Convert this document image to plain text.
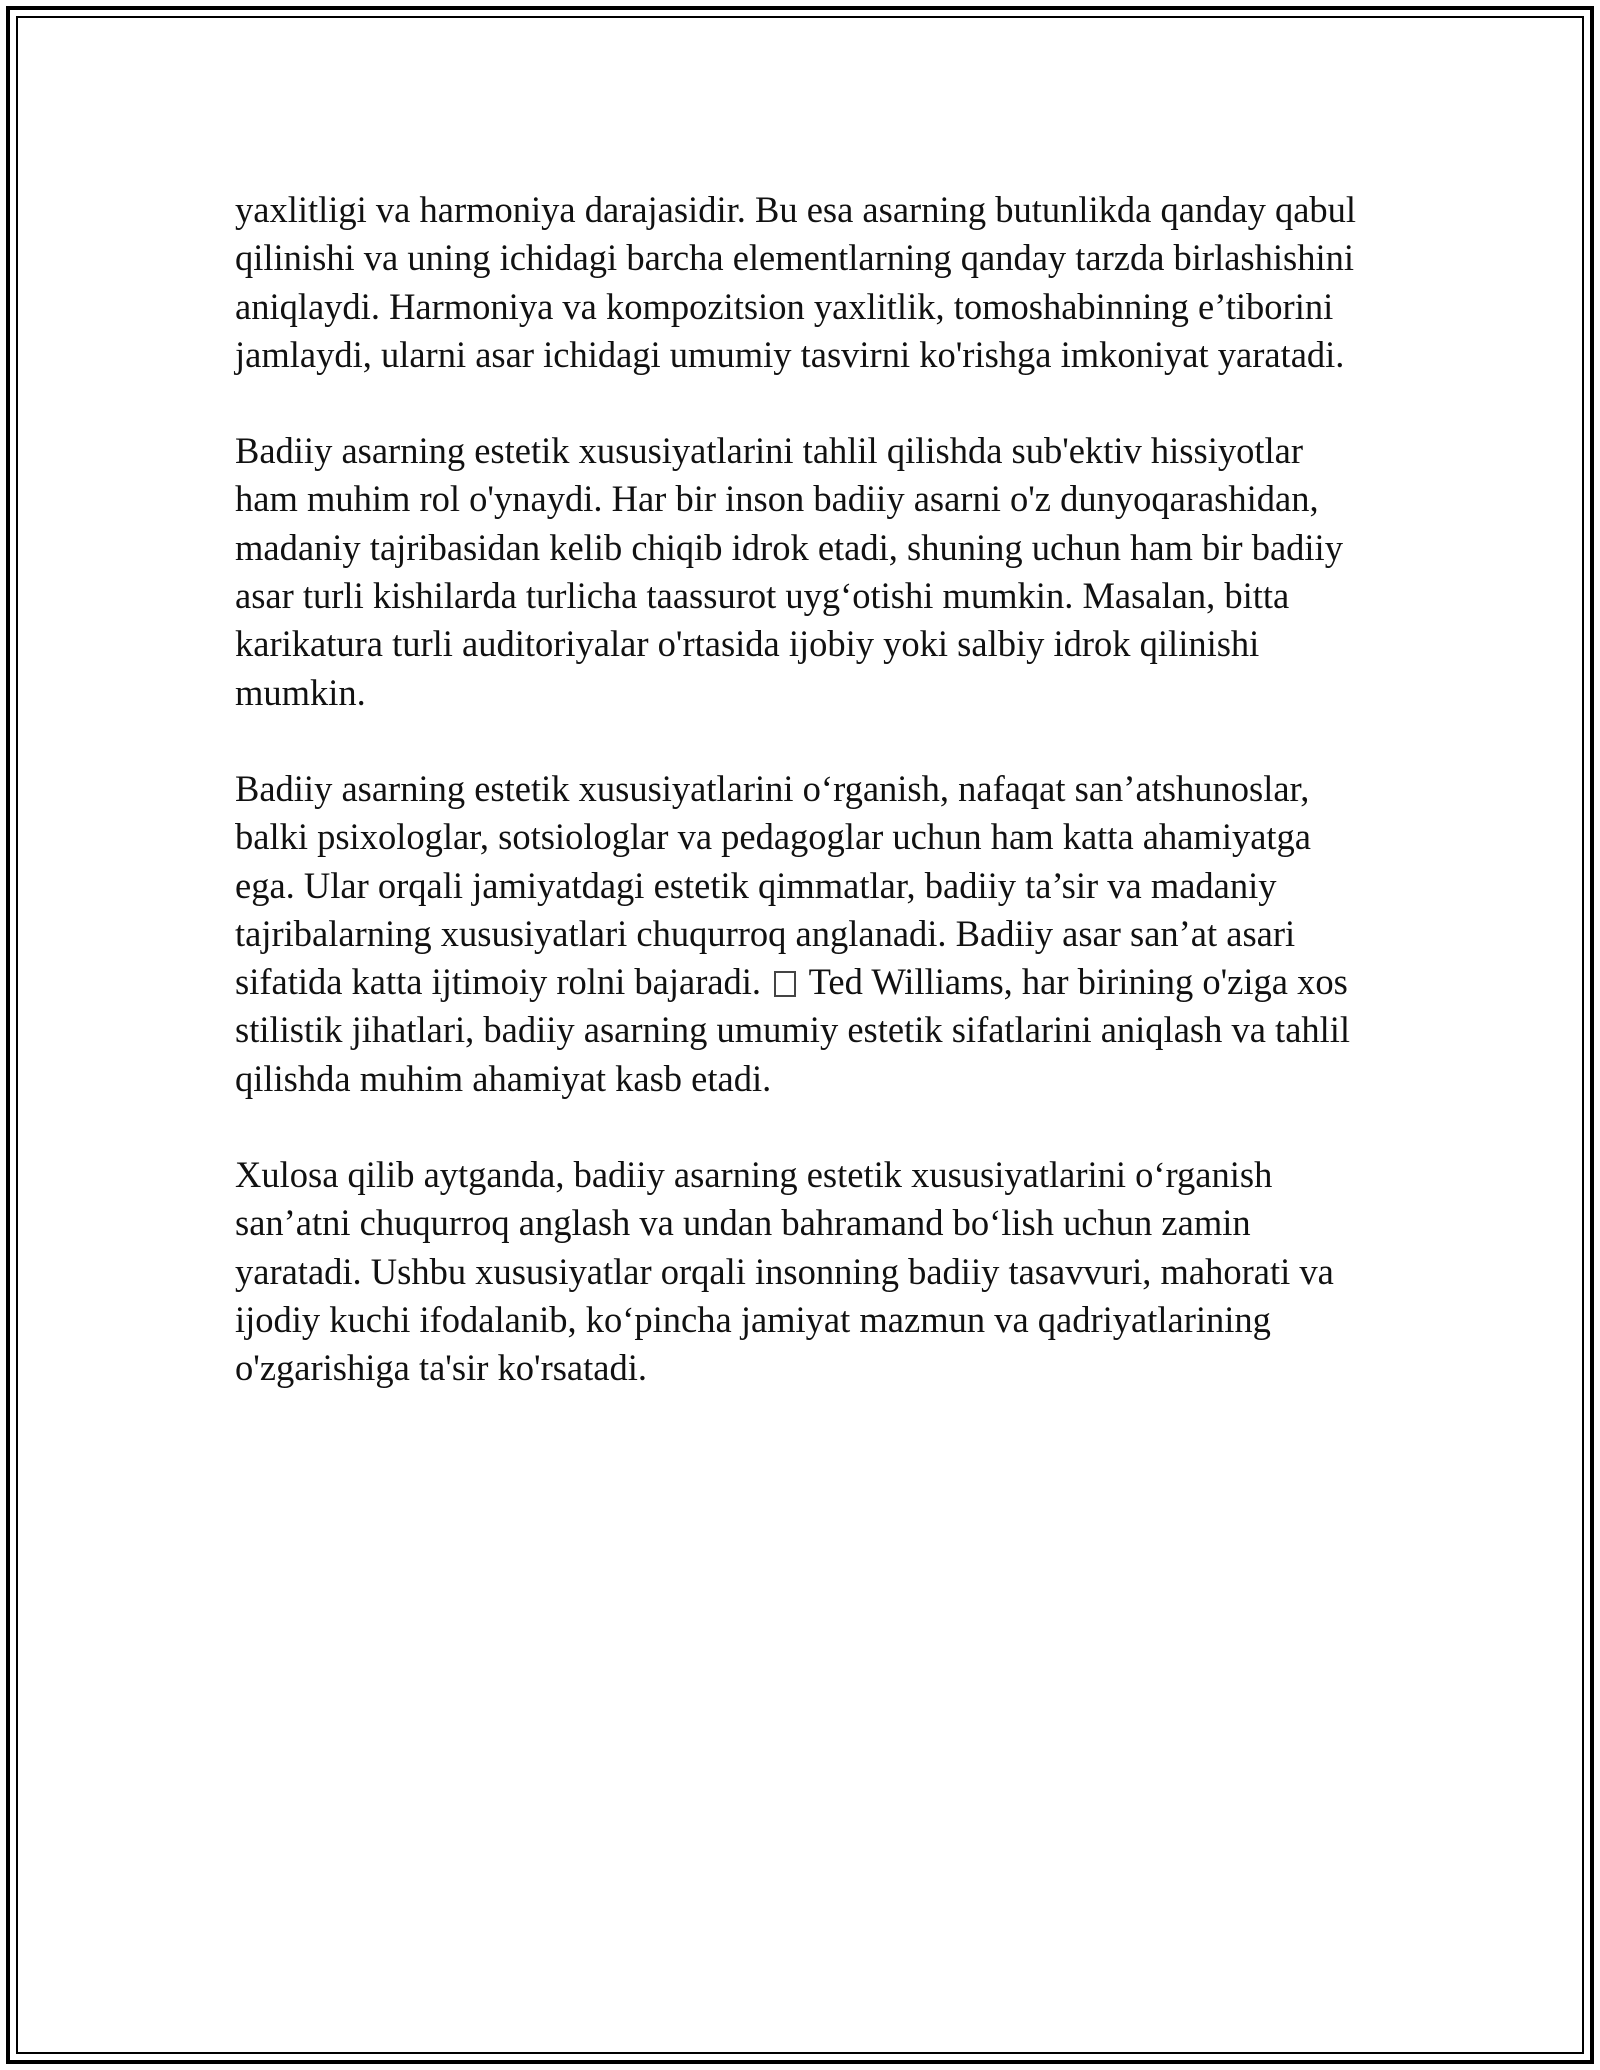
yaxlitligi va harmoniya darajasidir. Bu esa asarning butunlikda qanday qabul
qilinishi va uning ichidagi barcha elementlarning qanday tarzda birlashishini
aniqlaydi. Harmoniya va kompozitsion yaxlitlik, tomoshabinning e’tiborini
jamlaydi, ularni asar ichidagi umumiy tasvirni ko'rishga imkoniyat yaratadi.

Badiiy asarning estetik xususiyatlarini tahlil qilishda sub'ektiv hissiyotlar
ham muhim rol o'ynaydi. Har bir inson badiiy asarni o'z dunyoqarashidan,
madaniy tajribasidan kelib chiqib idrok etadi, shuning uchun ham bir badiiy
asar turli kishilarda turlicha taassurot uyg‘otishi mumkin. Masalan, bitta
karikatura turli auditoriyalar o'rtasida ijobiy yoki salbiy idrok qilinishi
mumkin.

Badiiy asarning estetik xususiyatlarini o‘rganish, nafaqat san’atshunoslar,
balki psixologlar, sotsiologlar va pedagoglar uchun ham katta ahamiyatga
ega. Ular orqali jamiyatdagi estetik qimmatlar, badiiy ta’sir va madaniy
tajribalarning xususiyatlari chuqurroq anglanadi. Badiiy asar san’at asari
sifatida katta ijtimoiy rolni bajaradi.  Ted Williams, har birining o'ziga xos
stilistik jihatlari, badiiy asarning umumiy estetik sifatlarini aniqlash va tahlil
qilishda muhim ahamiyat kasb etadi.

Xulosa qilib aytganda, badiiy asarning estetik xususiyatlarini o‘rganish
san’atni chuqurroq anglash va undan bahramand bo‘lish uchun zamin
yaratadi. Ushbu xususiyatlar orqali insonning badiiy tasavvuri, mahorati va
ijodiy kuchi ifodalanib, ko‘pincha jamiyat mazmun va qadriyatlarining
o'zgarishiga ta'sir ko'rsatadi.
